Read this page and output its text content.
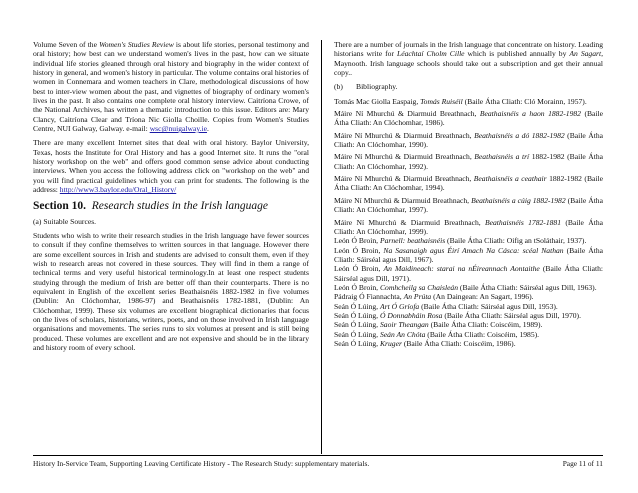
Volume Seven of the Women's Studies Review is about life stories, personal testimony and oral history; how best can we understand women's lives in the past, how can we situate individual life stories gleaned through oral history and biography in the wider context of history in general, and women's history in particular. The volume contains oral histories of women in Connemara and women teachers in Clare, methodological discussions of how best to inter-view women about the past, and vignettes of biography of ordinary women's lives in the past. It also contains one complete oral history interview. Caitríona Crowe, of the National Archives, has written a thematic introduction to this issue. Editors are: Mary Clancy, Caitríona Clear and Tríona Nic Giolla Choille. Copies from Women's Studies Centre, NUI Galway, Galway. e-mail: wsc@nuigalway.ie.

There are many excellent Internet sites that deal with oral history. Baylor University, Texas, hosts the Institute for Oral History and has a good Internet site. It runs the "oral history workshop on the web" and offers good common sense advice about conducting interviews. When you access the following address click on "workshop on the web" and you will find practical guidelines which you can print for students. The following is the address: http://www3.baylor.edu/Oral_History/

Section 10. Research studies in the Irish language

(a) Suitable Sources.

Students who wish to write their research studies in the Irish language have fewer sources to consult if they confine themselves to written sources in that language. However there are some excellent sources in Irish and students are advised to consult them, even if they wish to research areas not covered in these sources. They will find in them a range of technical terms and very useful historical terminology.In at least one respect students studying through the medium of Irish are better off than their counterparts. There is no equivalent in English of the excellent series Beathaisnéis 1882-1982 in five volumes (Dublin: An Clóchomhar, 1986-97) and Beathaisnéis 1782-1881, (Dublin: An Clóchomhar, 1999). These six volumes are excellent biographical dictionaries that focus on the lives of scholars, historians, writers, poets, and on those involved in Irish language organisations and movements. The series runs to six volumes at present and is still being produced. These volumes are excellent and are not expensive and should be in the library and history room of every school.

There are a number of journals in the Irish language that concentrate on history. Leading historians write for Léachtaí Cholm Cille which is published annually by An Sagart, Maynooth. Irish language schools should take out a subscription and get their annual copy..

(b) Bibliography.

Tomás Mac Giolla Easpaig, Tomás Ruiséil (Baile Átha Cliath: Cló Morainn, 1957).

Máire Ní Mhurchú & Diarmuid Breathnach, Beathaisnéis a haon 1882-1982 (Baile Átha Cliath: An Clóchomhar, 1986).

Máire Ní Mhurchú & Diarmuid Breathnach, Beathaisnéis a dó 1882-1982 (Baile Átha Cliath: An Clóchomhar, 1990).

Máire Ní Mhurchú & Diarmuid Breathnach, Beathaisnéis a trí 1882-1982 (Baile Átha Cliath: An Clóchomhar, 1992).

Máire Ní Mhurchú & Diarmuid Breathnach, Beathaisnéis a ceathair 1882-1982 (Baile Átha Cliath: An Clóchomhar, 1994).

Máire Ní Mhurchú & Diarmuid Breathnach, Beathaisnéis a cúig 1882-1982 (Baile Átha Cliath: An Clóchomhar, 1997).

Máire Ní Mhurchú & Diarmuid Breathnach, Beathaisnéis 1782-1881 (Baile Átha Cliath: An Clóchomhar, 1999).

León Ó Broin, Parnell: beathaisnéis (Baile Átha Cliath: Oifig an tSoláthair, 1937).

León Ó Broin, Na Sasanaigh agus Éirí Amach Na Cásca: scéal Nathan (Baile Átha Cliath: Sáirséal agus Dill, 1967).

León Ó Broin, An Maidineach: starai na nÉireannach Aontaithe (Baile Átha Cliath: Sáirséal agus Dill, 1971).

León Ó Broin, Comhcheilg sa Chaisleán (Baile Átha Cliath: Sáirséal agus Dill, 1963).

Pádraig Ó Fiannachta, An Prúta (An Daingean: An Sagart, 1996).

Seán Ó Lúing, Art Ó Gríofa (Baile Átha Cliath: Sáirséal agus Dill, 1953).

Seán Ó Lúing, Ó Donnabháin Rosa (Baile Átha Cliath: Sáirséal agus Dill, 1970).

Seán Ó Lúing, Saoir Theangan (Baile Átha Cliath: Coiscéim, 1989).

Seán Ó Lúing, Seán An Chóta (Baile Átha Cliath: Coiscéim, 1985).

Seán Ó Lúing, Kruger (Baile Átha Cliath: Coiscéim, 1986).

History In-Service Team, Supporting Leaving Certificate History - The Research Study: supplementary materials.	Page 11 of 11
